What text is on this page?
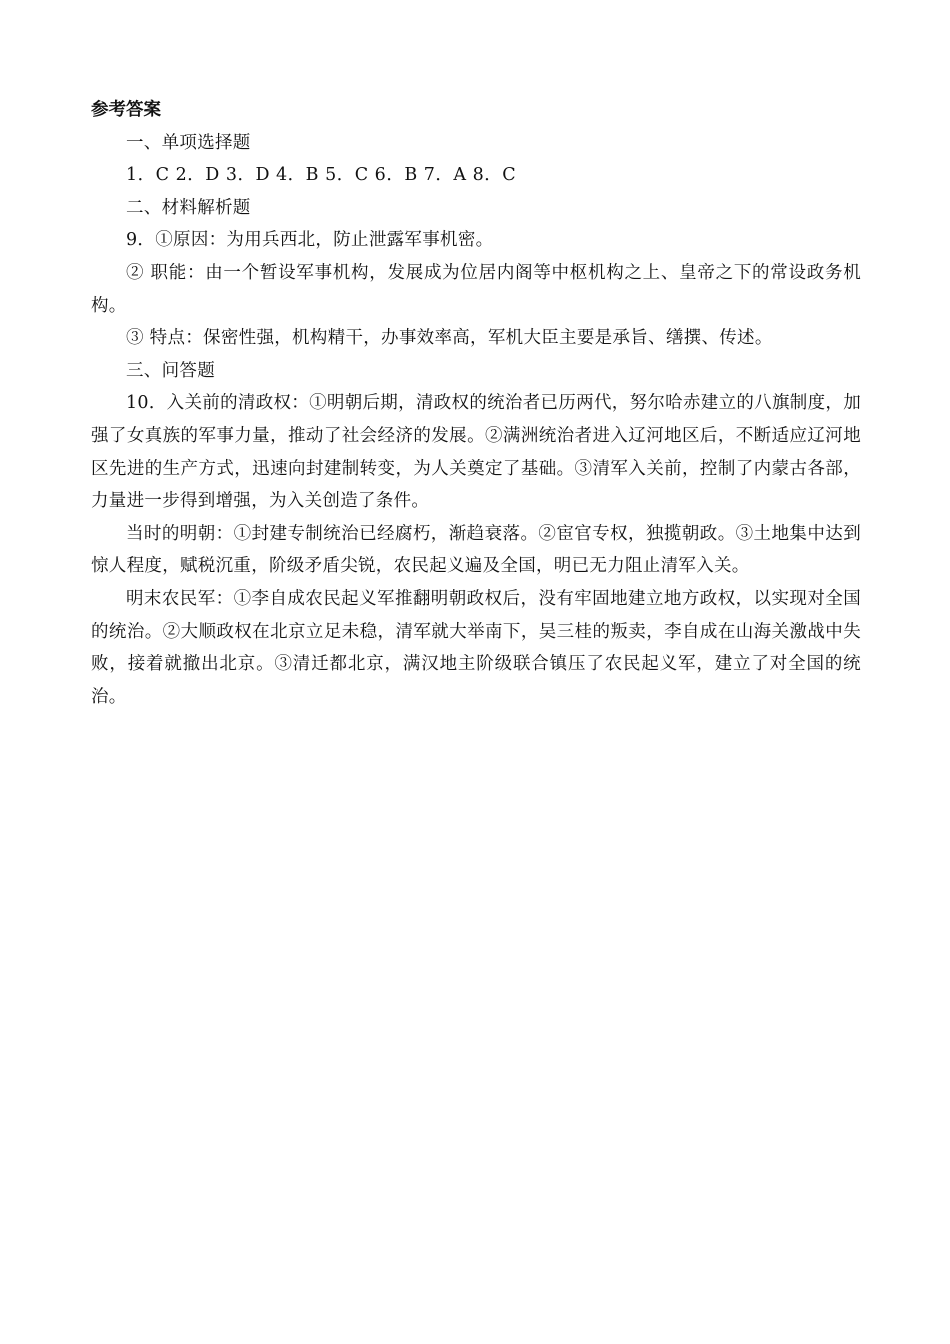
参考答案

一、单项选择题

1．C 2．D 3．D 4．B 5．C 6．B 7．A 8．C

二、材料解析题

9．①原因：为用兵西北，防止泄露军事机密。

② 职能：由一个暂设军事机构，发展成为位居内阁等中枢机构之上、皇帝之下的常设政务机构。

③ 特点：保密性强，机构精干，办事效率高，军机大臣主要是承旨、缮撰、传述。

三、问答题

10．入关前的清政权：①明朝后期，清政权的统治者已历两代，努尔哈赤建立的八旗制度，加强了女真族的军事力量，推动了社会经济的发展。②满洲统治者进入辽河地区后，不断适应辽河地区先进的生产方式，迅速向封建制转变，为人关奠定了基础。③清军入关前，控制了内蒙古各部，力量进一步得到增强，为入关创造了条件。

当时的明朝：①封建专制统治已经腐朽，渐趋衰落。②宦官专权，独揽朝政。③土地集中达到惊人程度，赋税沉重，阶级矛盾尖锐，农民起义遍及全国，明已无力阻止清军入关。

明末农民军：①李自成农民起义军推翻明朝政权后，没有牢固地建立地方政权，以实现对全国的统治。②大顺政权在北京立足未稳，清军就大举南下，吴三桂的叛卖，李自成在山海关激战中失败，接着就撤出北京。③清迁都北京，满汉地主阶级联合镇压了农民起义军，建立了对全国的统治。
